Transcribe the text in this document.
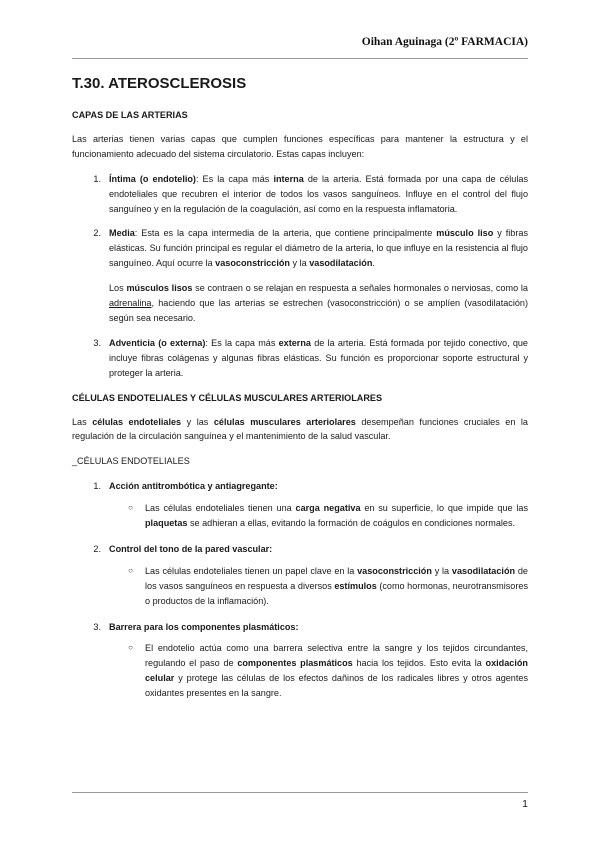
Oihan Aguinaga (2º FARMACIA)
T.30. ATEROSCLEROSIS
CAPAS DE LAS ARTERIAS

Las arterias tienen varias capas que cumplen funciones específicas para mantener la estructura y el funcionamiento adecuado del sistema circulatorio. Estas capas incluyen:

1. Íntima (o endotelio): Es la capa más interna de la arteria. Está formada por una capa de células endoteliales que recubren el interior de todos los vasos sanguíneos. Influye en el control del flujo sanguíneo y en la regulación de la coagulación, así como en la respuesta inflamatoria.
2. Media: Esta es la capa intermedia de la arteria, que contiene principalmente músculo liso y fibras elásticas. Su función principal es regular el diámetro de la arteria, lo que influye en la resistencia al flujo sanguíneo. Aquí ocurre la vasoconstricción y la vasodilatación.
Los músculos lisos se contraen o se relajan en respuesta a señales hormonales o nerviosas, como la adrenalina, haciendo que las arterias se estrechen (vasoconstricción) o se amplíen (vasodilatación) según sea necesario.
3. Adventicia (o externa): Es la capa más externa de la arteria. Está formada por tejido conectivo, que incluye fibras colágenas y algunas fibras elásticas. Su función es proporcionar soporte estructural y proteger la arteria.
CÉLULAS ENDOTELIALES Y CÉLULAS MUSCULARES ARTERIOLARES

Las células endoteliales y las células musculares arteriolares desempeñan funciones cruciales en la regulación de la circulación sanguínea y el mantenimiento de la salud vascular.

_CÉLULAS ENDOTELIALES
1. Acción antitrombótica y antiagregante:
○	Las células endoteliales tienen una carga negativa en su superficie, lo que impide que las plaquetas se adhieran a ellas, evitando la formación de coágulos en condiciones normales.
2. Control del tono de la pared vascular:
○	Las células endoteliales tienen un papel clave en la vasoconstricción y la vasodilatación de los vasos sanguíneos en respuesta a diversos estímulos (como hormonas, neurotransmisores o productos de la inflamación).
3. Barrera para los componentes plasmáticos:
○	El endotelio actúa como una barrera selectiva entre la sangre y los tejidos circundantes, regulando el paso de componentes plasmáticos hacia los tejidos. Esto evita la oxidación celular y protege las células de los efectos dañinos de los radicales libres y otros agentes oxidantes presentes en la sangre.
1
